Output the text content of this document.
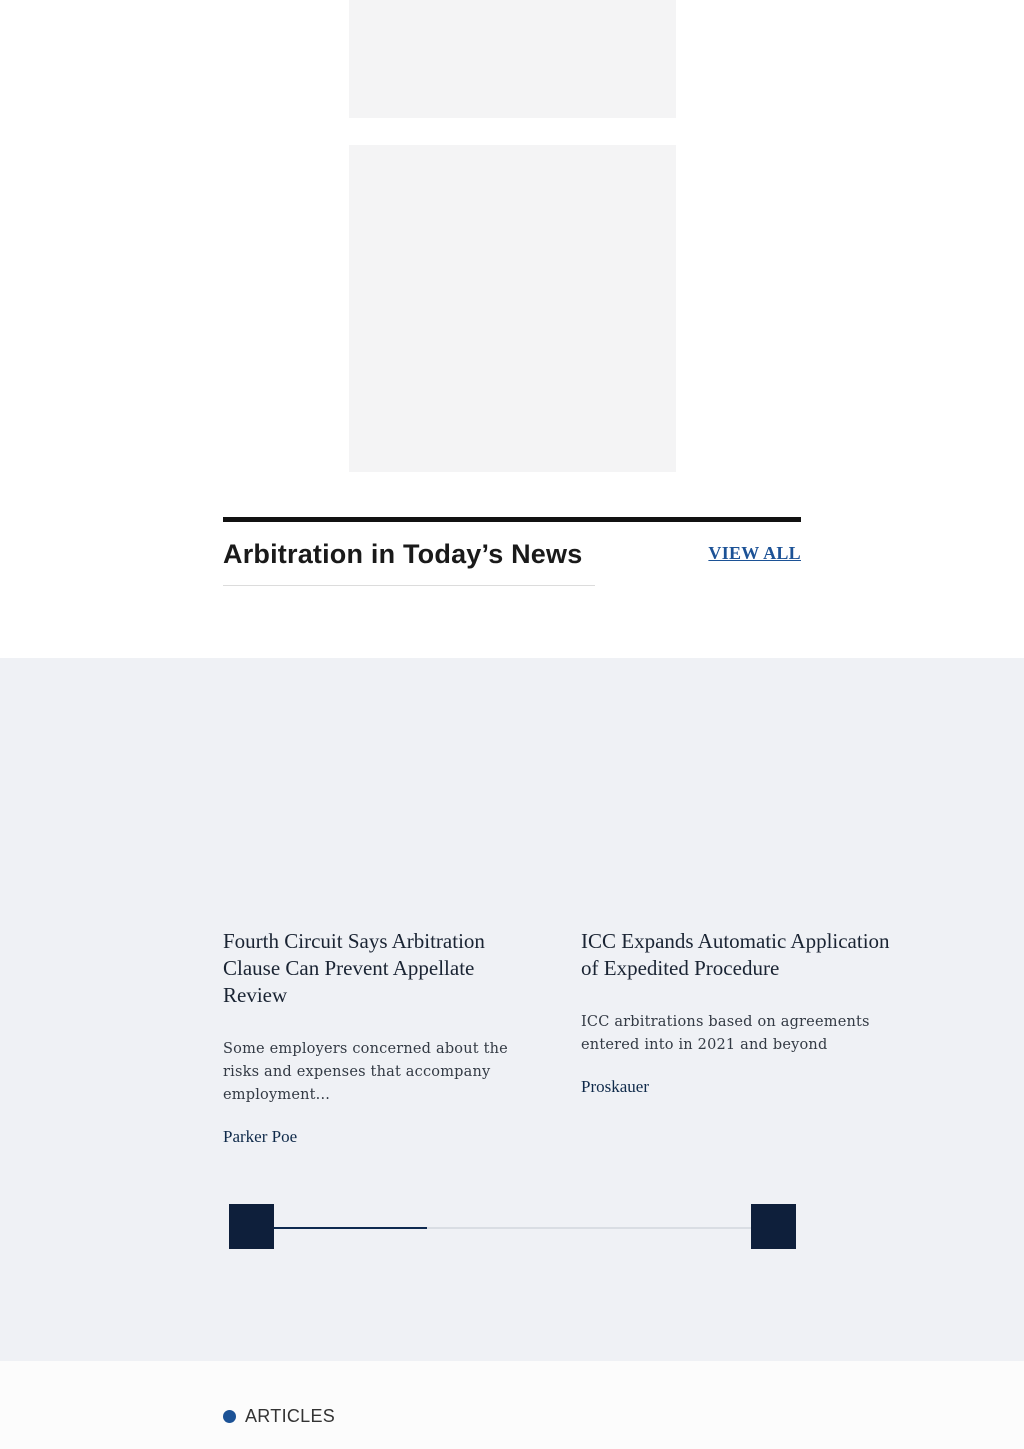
Arbitration in Today’s News	VIEW ALL
Fourth Circuit Says Arbitration Clause Can Prevent Appellate Review

Some employers concerned about the risks and expenses that accompany employment...

Parker Poe

ICC Expands Automatic Application of Expedited Procedure

ICC arbitrations based on agreements entered into in 2021 and beyond

Proskauer

ARTICLES
